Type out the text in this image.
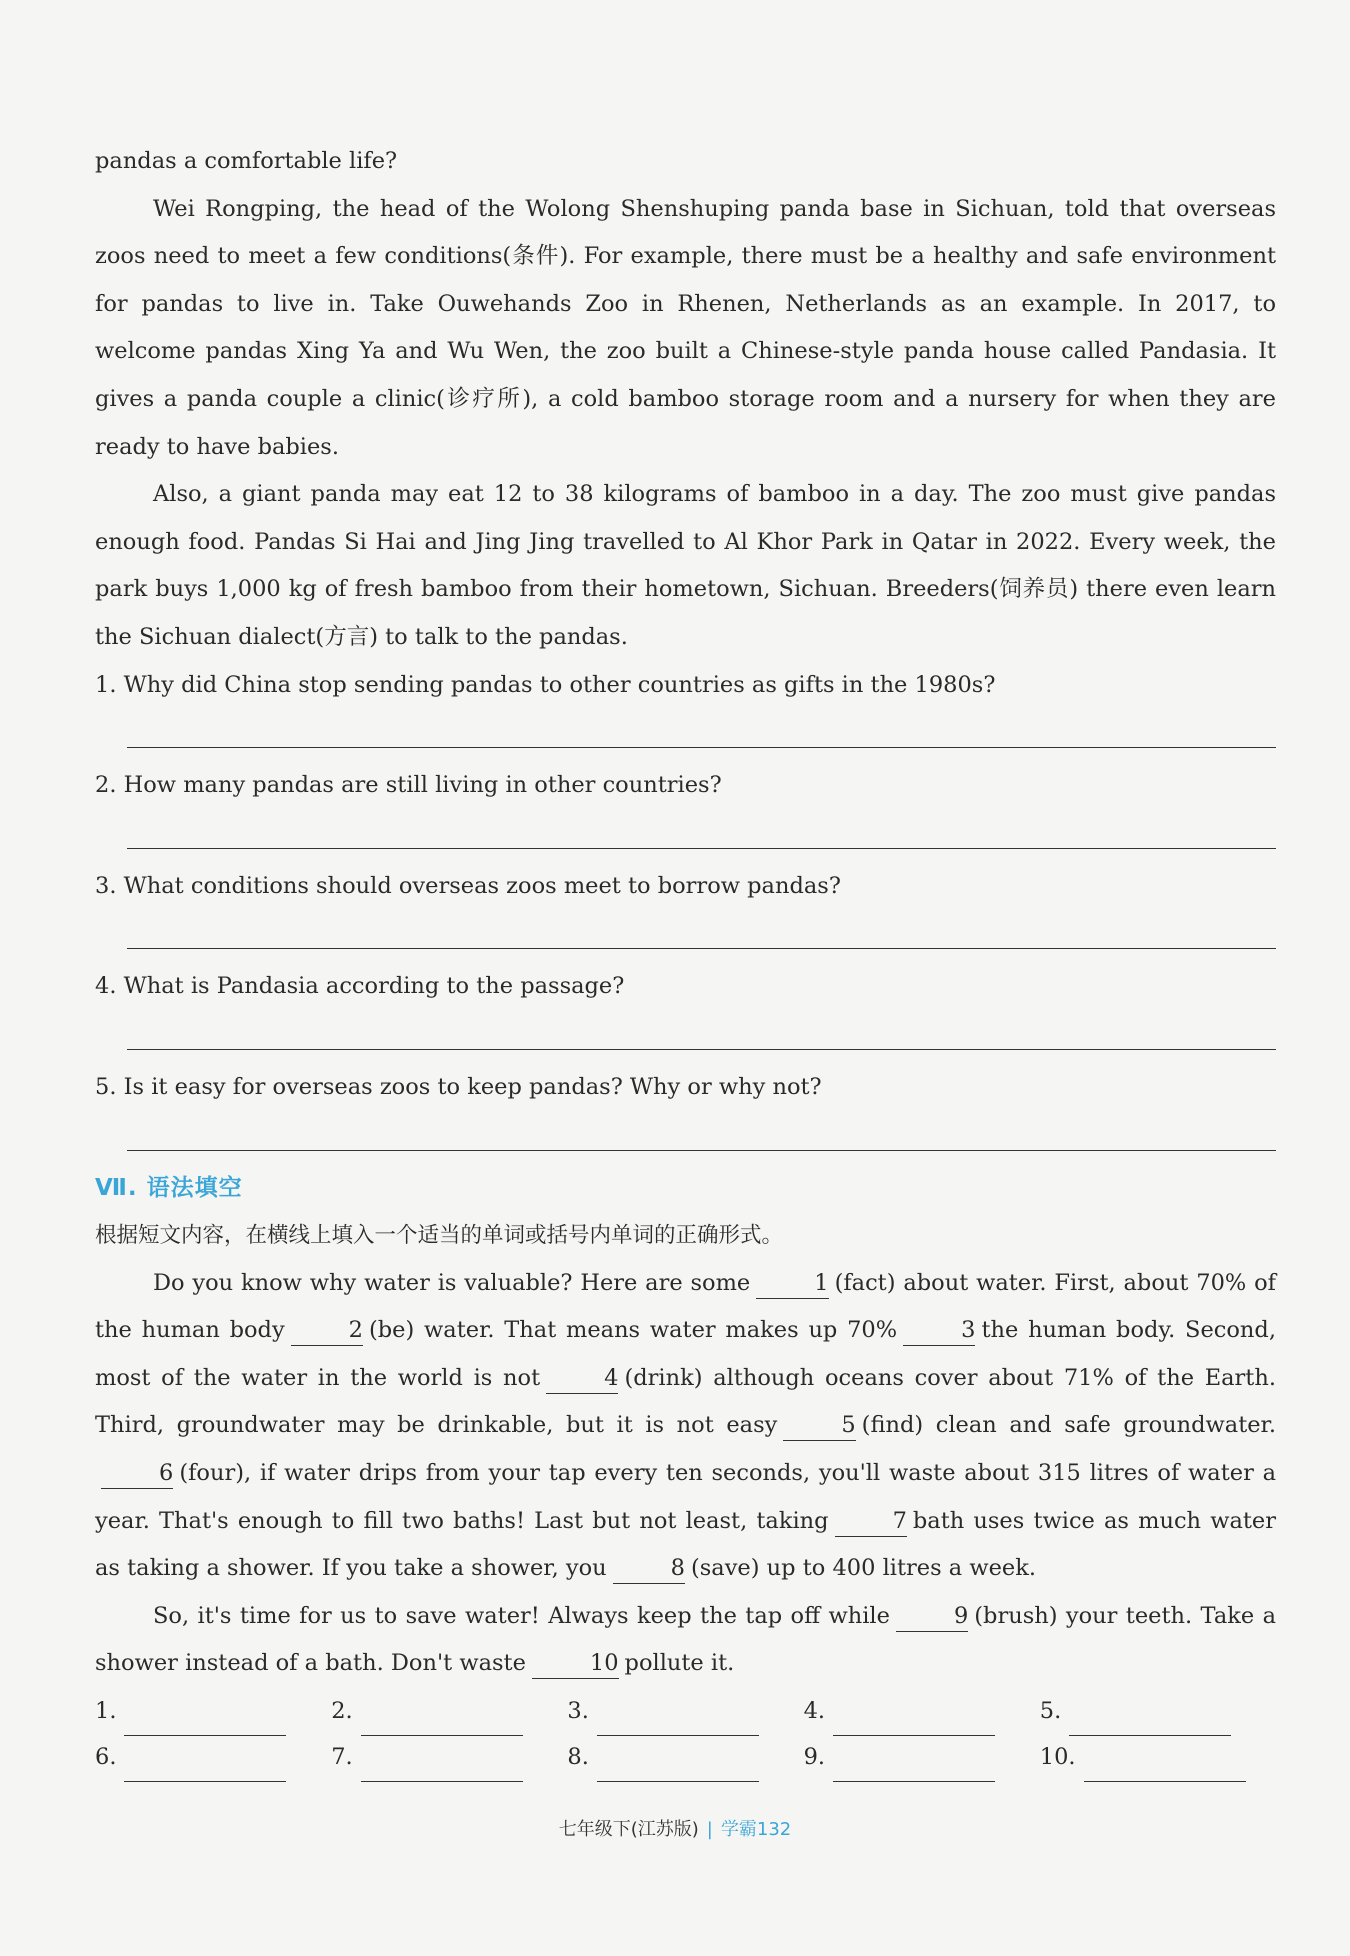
pandas a comfortable life?

Wei Rongping, the head of the Wolong Shenshuping panda base in Sichuan, told that overseas zoos need to meet a few conditions(条件). For example, there must be a healthy and safe environment for pandas to live in. Take Ouwehands Zoo in Rhenen, Netherlands as an example. In 2017, to welcome pandas Xing Ya and Wu Wen, the zoo built a Chinese-style panda house called Pandasia. It gives a panda couple a clinic(诊疗所), a cold bamboo storage room and a nursery for when they are ready to have babies.

Also, a giant panda may eat 12 to 38 kilograms of bamboo in a day. The zoo must give pandas enough food. Pandas Si Hai and Jing Jing travelled to Al Khor Park in Qatar in 2022. Every week, the park buys 1,000 kg of fresh bamboo from their hometown, Sichuan. Breeders(饲养员) there even learn the Sichuan dialect(方言) to talk to the pandas.

1. Why did China stop sending pandas to other countries as gifts in the 1980s?

2. How many pandas are still living in other countries?

3. What conditions should overseas zoos meet to borrow pandas?

4. What is Pandasia according to the passage?

5. Is it easy for overseas zoos to keep pandas? Why or why not?

Ⅶ. 语法填空

根据短文内容，在横线上填入一个适当的单词或括号内单词的正确形式。

Do you know why water is valuable? Here are some	1 (fact) about water. First, about 70% of the human body	2 (be) water. That means water makes up 70%	3 the human body. Second, most of the water in the world is not	4 (drink) although oceans cover about 71% of the Earth. Third, groundwater may be drinkable, but it is not easy	5 (find) clean and safe groundwater.6 (four), if water drips from your tap every ten seconds, you'll waste about 315 litres of water a year. That's enough to fill two baths! Last but not least, taking	7 bath uses twice as much water as taking a shower. If you take a shower, you	8 (save) up to 400 litres a week.

So, it's time for us to save water! Always keep the tap off while	9 (brush) your teeth. Take a shower instead of a bath. Don't waste	10 pollute it.

1.	2.	3.	4.	5.
6.	7.	8.	9.	10.
七年级下(江苏版) | 学霸132
